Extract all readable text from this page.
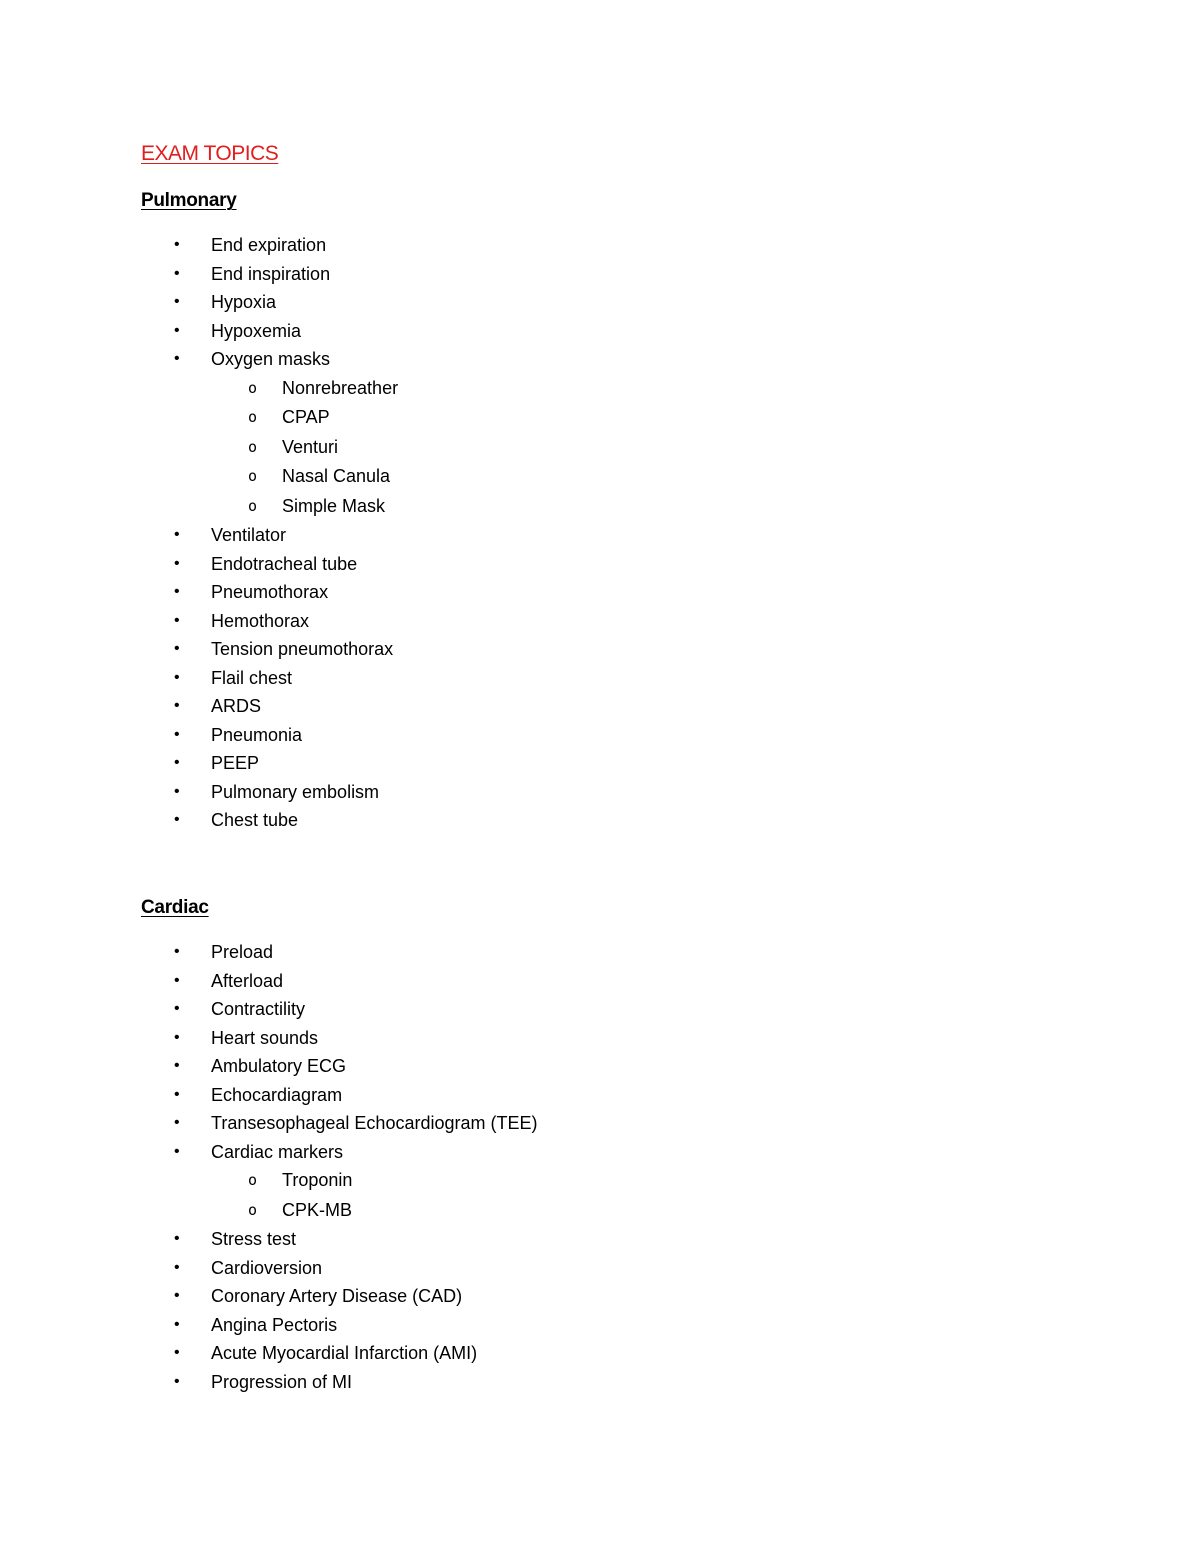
EXAM TOPICS
Pulmonary
• End expiration
• End inspiration
• Hypoxia
• Hypoxemia
• Oxygen masks
o Nonrebreather
o CPAP
o Venturi
o Nasal Canula
o Simple Mask
• Ventilator
• Endotracheal tube
• Pneumothorax
• Hemothorax
• Tension pneumothorax
• Flail chest
• ARDS
• Pneumonia
• PEEP
• Pulmonary embolism
• Chest tube
Cardiac
• Preload
• Afterload
• Contractility
• Heart sounds
• Ambulatory ECG
• Echocardiagram
• Transesophageal Echocardiogram (TEE)
• Cardiac markers
o Troponin
o CPK-MB
• Stress test
• Cardioversion
• Coronary Artery Disease (CAD)
• Angina Pectoris
• Acute Myocardial Infarction (AMI)
• Progression of MI
